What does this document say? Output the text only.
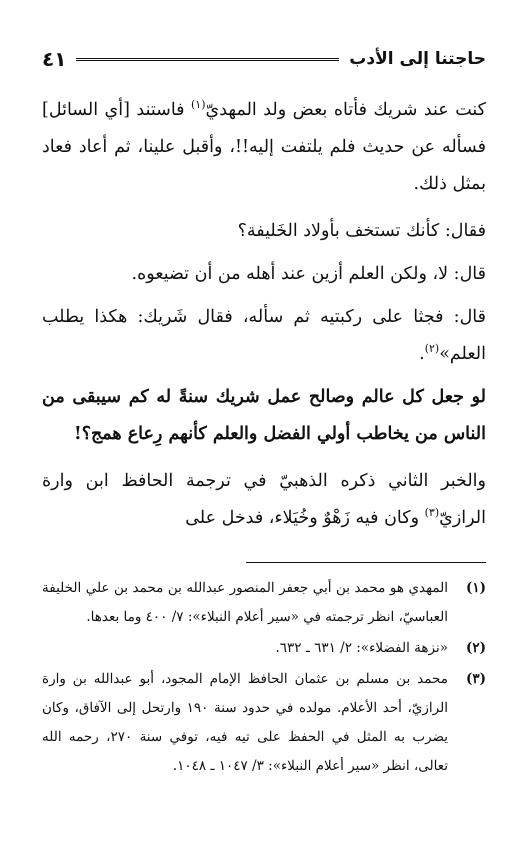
حاجتنا إلى الأدب
٤١

كنت عند شريك فأتاه بعض ولد المهديّ$^{(١)}$ فاستند [أي السائل] فسأله عن حديث فلم يلتفت إليه!!، وأقبل علينا، ثم أعاد فعاد بمثل ذلك.

فقال: كأنك تستخف بأولاد الخَليفة؟

قال: لا، ولكن العلم أزين عند أهله من أن تضيعوه.

قال: فجثا على ركبتيه ثم سأله، فقال شَريك: هكذا يطلب العلم»$^{(٢)}$.

لو جعل كل عالم وصالح عمل شريك سنةً له كم سيبقى من الناس من يخاطب أولي الفضل والعلم كأنهم رِعاع همج؟!

والخبر الثاني ذكره الذهبيّ في ترجمة الحافظ ابن وارة الرازيّ$^{(٣)}$ وكان فيه زَهْوٌ وخُيَلاء، فدخل على

(١)
المهدي هو محمد بن أبي جعفر المنصور عبدالله بن محمد بن علي الخليفة العباسيّ، انظر ترجمته في «سير أعلام النبلاء»: ٧/ ٤٠٠ وما بعدها.
(٢)
«نزهة الفضلاء»: ٢/ ٦٣١ ـ ٦٣٢.
(٣)
محمد بن مسلم بن عثمان الحافظ الإمام المجود، أبو عبدالله بن وارة الرازيّ، أحد الأعلام. مولده في حدود سنة ١٩٠ وارتحل إلى الآفاق، وكان يضرب به المثل في الحفظ على تيه فيه، توفي سنة ٢٧٠، رحمه الله تعالى، انظر «سير أعلام النبلاء»: ٣/ ١٠٤٧ ـ ١٠٤٨.
